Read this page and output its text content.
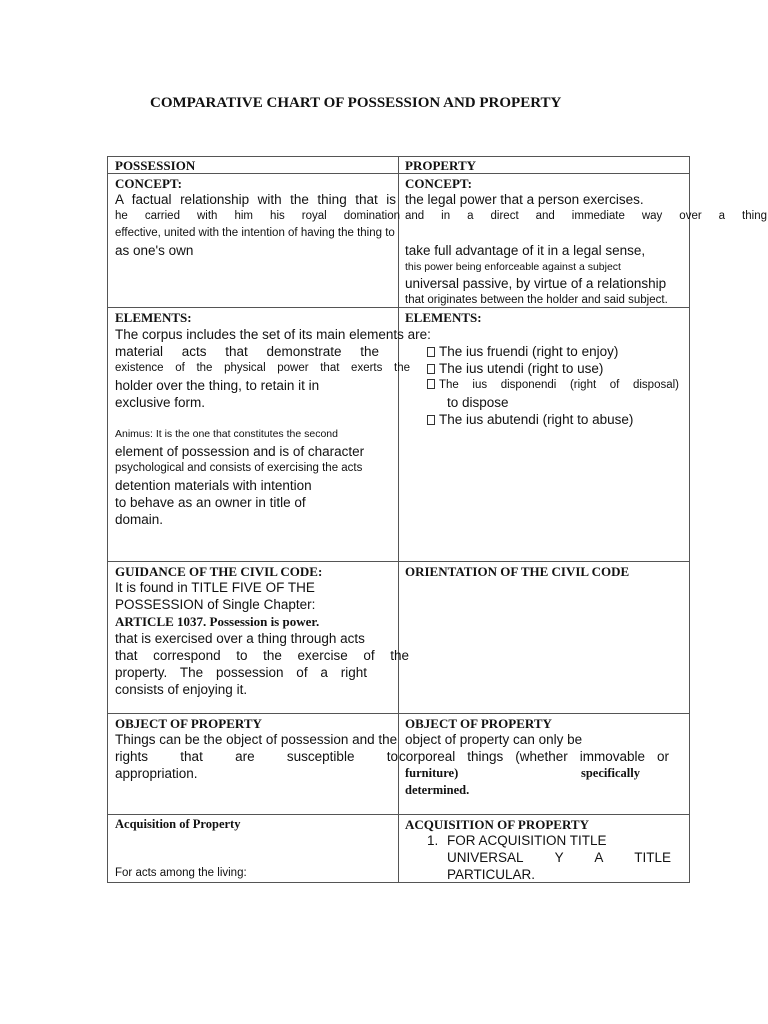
COMPARATIVE CHART OF POSSESSION AND PROPERTY
POSSESSION	PROPERTY
CONCEPT:
A factual relationship with the thing that is
he carried with him his royal domination
effective, united with the intention of having the thing to
as one's own
CONCEPT:
the legal power that a person exercises.
and in a direct and immediate way over a thing
take full advantage of it in a legal sense,
this power being enforceable against a subject
universal passive, by virtue of a relationship
that originates between the holder and said subject.
ELEMENTS:
The corpus includes the set of its main elements are:
material acts that demonstrate the
existence of the physical power that exerts the
holder over the thing, to retain it in
exclusive form.
Animus: It is the one that constitutes the second
element of possession and is of character
psychological and consists of exercising the acts
detention materials with intention
to behave as an owner in title of
domain.
ELEMENTS:
The ius fruendi (right to enjoy)
The ius utendi (right to use)
The ius disponendi (right of disposal)
to dispose
The ius abutendi (right to abuse)
GUIDANCE OF THE CIVIL CODE:
It is found in TITLE FIVE OF THE
POSSESSION of Single Chapter:
ARTICLE 1037. Possession is power.
that is exercised over a thing through acts
that correspond to the exercise of the
property. The possession of a right
consists of enjoying it.
ORIENTATION OF THE CIVIL CODE
OBJECT OF PROPERTY
Things can be the object of possession and the
rights that are susceptible to
appropriation.
OBJECT OF PROPERTY
object of property can only be
corporeal things (whether immovable or
furniture) specifically
determined.
Acquisition of Property
For acts among the living:
ACQUISITION OF PROPERTY
1. FOR ACQUISITION TITLE
UNIVERSAL Y A TITLE
PARTICULAR.
